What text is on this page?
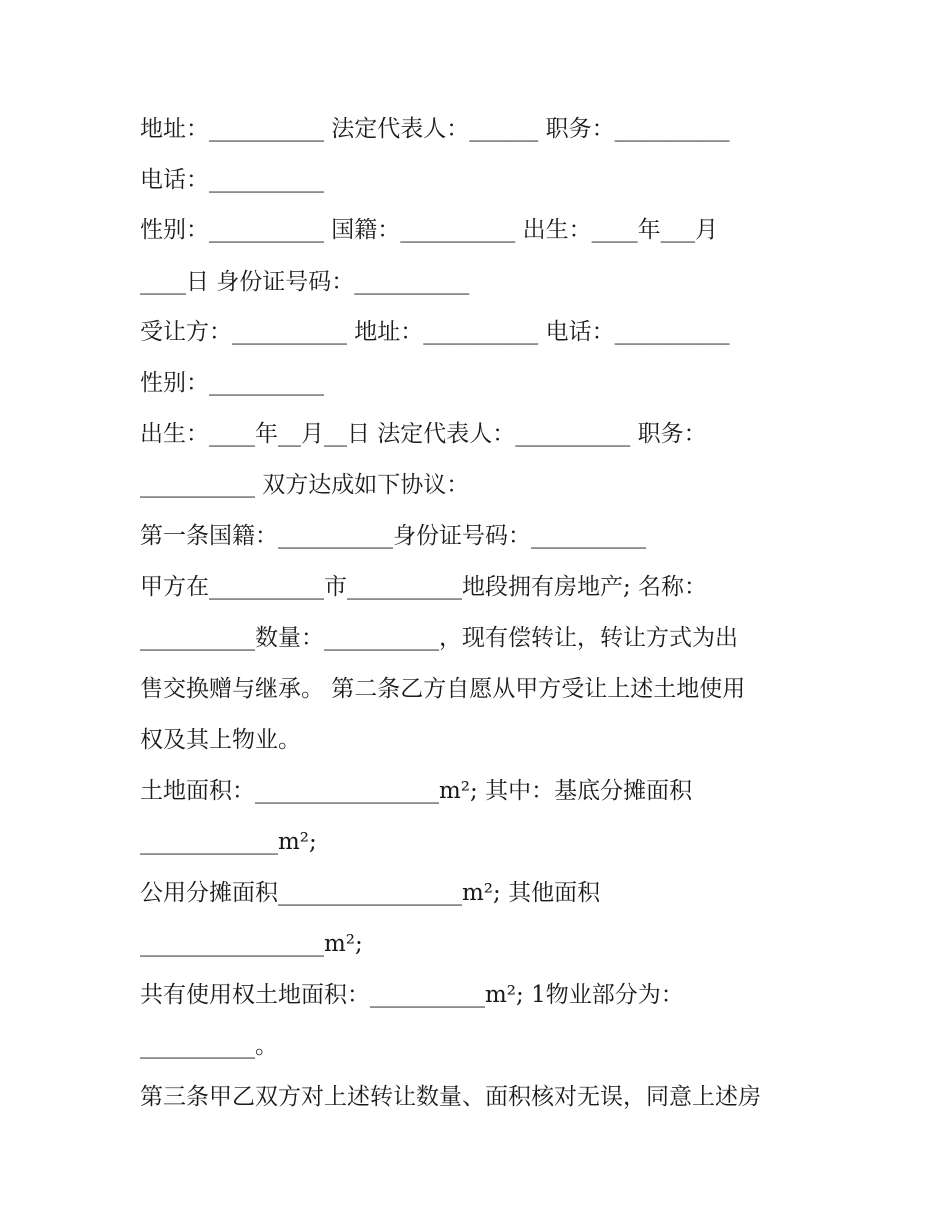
地址：__________ 法定代表人：______ 职务：__________
电话：__________
性别：__________ 国籍：__________ 出生：____年___月
____日 身份证号码：__________
受让方：__________ 地址：__________ 电话：__________
性别：__________
出生：____年__月__日 法定代表人：__________ 职务：
__________ 双方达成如下协议：
第一条国籍：__________身份证号码：__________
甲方在__________市__________地段拥有房地产; 名称：
__________数量：__________，现有偿转让，转让方式为出
售交换赠与继承。 第二条乙方自愿从甲方受让上述土地使用
权及其上物业。
土地面积：________________m²; 其中：基底分摊面积
____________m²;
公用分摊面积________________m²; 其他面积
________________m²;
共有使用权土地面积：__________m²; 1物业部分为：
__________。
第三条甲乙双方对上述转让数量、面积核对无误，同意上述房
